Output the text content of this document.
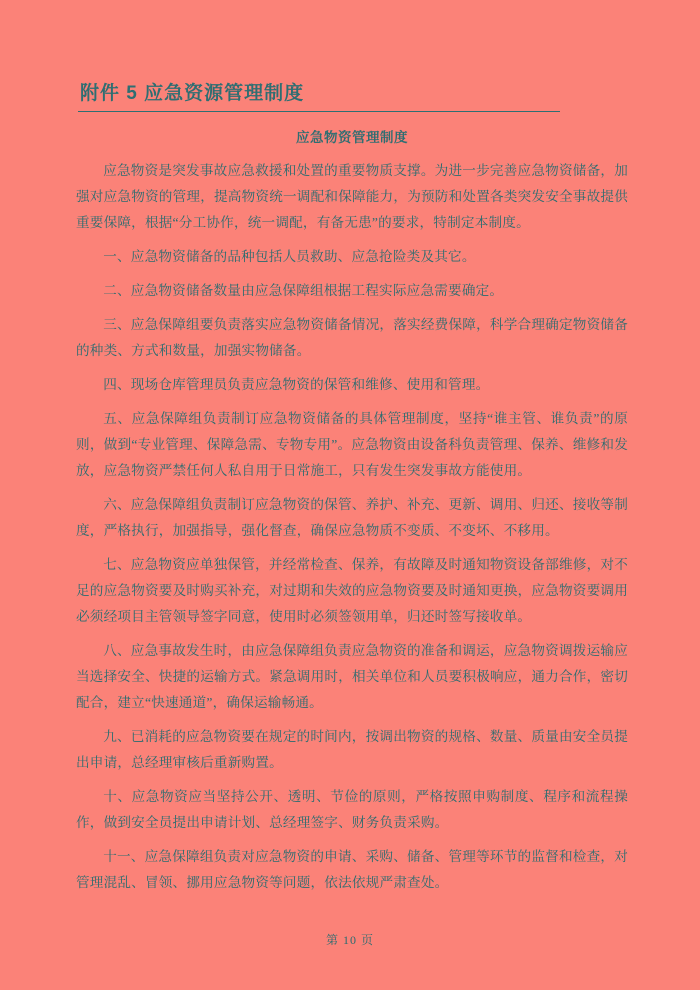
附件 5 应急资源管理制度
应急物资管理制度

应急物资是突发事故应急救援和处置的重要物质支撑。为进一步完善应急物资储备，加强对应急物资的管理，提高物资统一调配和保障能力，为预防和处置各类突发安全事故提供重要保障，根据“分工协作，统一调配，有备无患”的要求，特制定本制度。

一、应急物资储备的品种包括人员救助、应急抢险类及其它。

二、应急物资储备数量由应急保障组根据工程实际应急需要确定。

三、应急保障组要负责落实应急物资储备情况，落实经费保障，科学合理确定物资储备的种类、方式和数量，加强实物储备。

四、现场仓库管理员负责应急物资的保管和维修、使用和管理。

五、应急保障组负责制订应急物资储备的具体管理制度，坚持“谁主管、谁负责”的原则，做到“专业管理、保障急需、专物专用”。应急物资由设备科负责管理、保养、维修和发放，应急物资严禁任何人私自用于日常施工，只有发生突发事故方能使用。

六、应急保障组负责制订应急物资的保管、养护、补充、更新、调用、归还、接收等制度，严格执行，加强指导，强化督查，确保应急物质不变质、不变坏、不移用。

七、应急物资应单独保管，并经常检查、保养，有故障及时通知物资设备部维修，对不足的应急物资要及时购买补充，对过期和失效的应急物资要及时通知更换，应急物资要调用必须经项目主管领导签字同意，使用时必须签领用单，归还时签写接收单。

八、应急事故发生时，由应急保障组负责应急物资的准备和调运，应急物资调拨运输应当选择安全、快捷的运输方式。紧急调用时，相关单位和人员要积极响应，通力合作，密切配合，建立“快速通道”，确保运输畅通。

九、已消耗的应急物资要在规定的时间内，按调出物资的规格、数量、质量由安全员提出申请，总经理审核后重新购置。

十、应急物资应当坚持公开、透明、节俭的原则，严格按照申购制度、程序和流程操作，做到安全员提出申请计划、总经理签字、财务负责采购。

十一、应急保障组负责对应急物资的申请、采购、储备、管理等环节的监督和检查，对管理混乱、冒领、挪用应急物资等问题，依法依规严肃查处。

第 10 页
